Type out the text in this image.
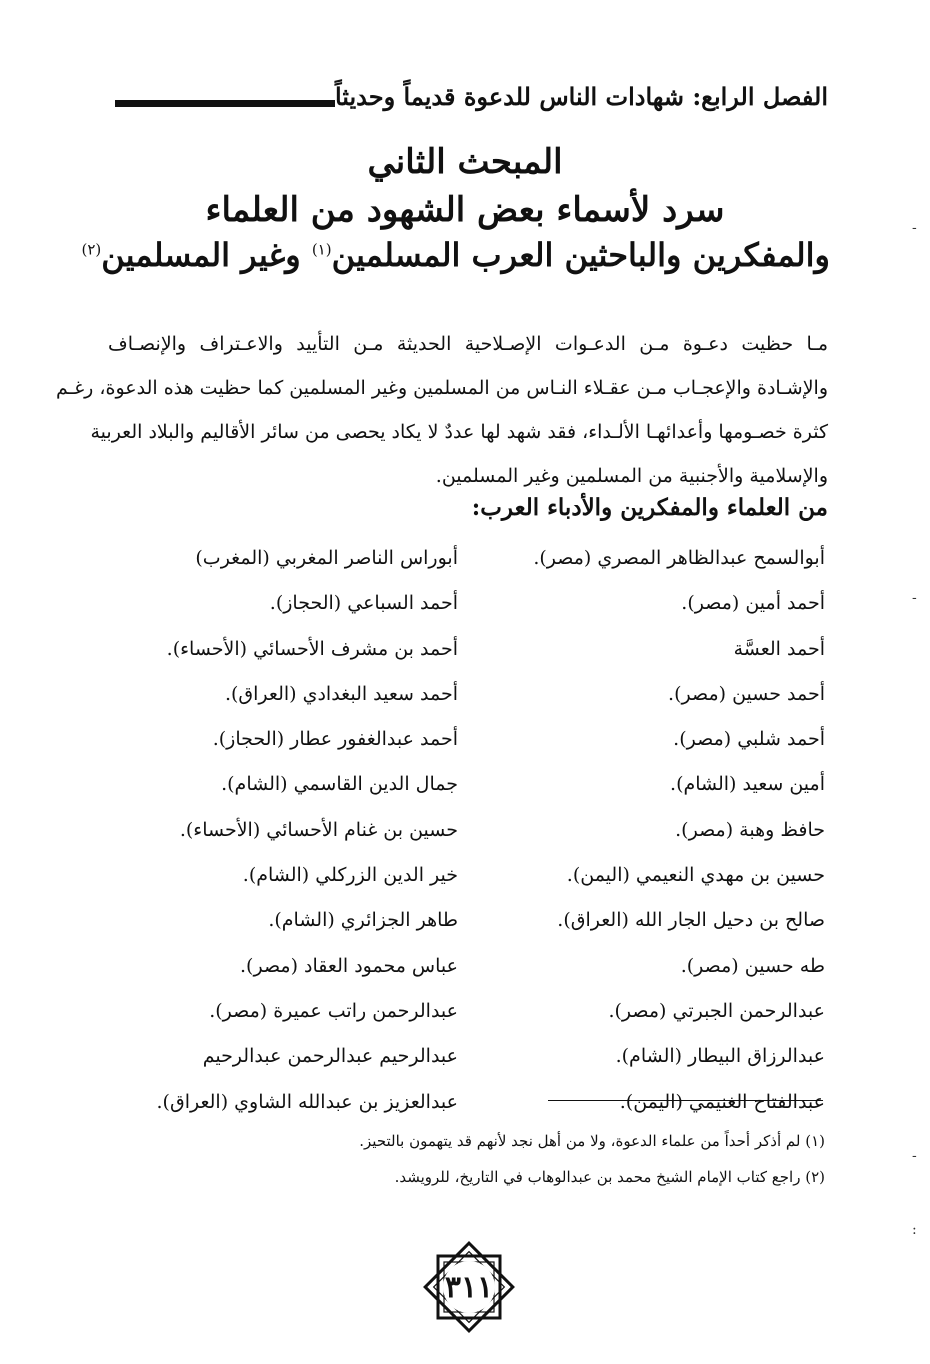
الفصل الرابع: شهادات الناس للدعوة قديماً وحديثاً
المبحث الثاني
سرد لأسماء بعض الشهود من العلماء
والمفكرين والباحثين العرب المسلمين$^{(١)}$ وغير المسلمين$^{(٢)}$
مـا حظيت دعـوة مـن الدعـوات الإصـلاحية الحديثة مـن التأييد والاعـتراف والإنصـاف
والإشـادة والإعجـاب مـن عقـلاء النـاس من المسلمين وغير المسلمين كما حظيت هذه الدعوة، رغـم
كثرة خصـومها وأعدائهـا الألـداء، فقد شهد لها عددٌ لا يكاد يحصى من سائر الأقاليم والبلاد العربية
والإسلامية والأجنبية من المسلمين وغير المسلمين.
من العلماء والمفكرين والأدباء العرب:
أبوالسمح عبدالظاهر المصري (مصر).
أحمد أمين (مصر).
أحمد العسَّة
أحمد حسين (مصر).
أحمد شلبي (مصر).
أمين سعيد (الشام).
حافظ وهبة (مصر).
حسين بن مهدي النعيمي (اليمن).
صالح بن دحيل الجار الله (العراق).
طه حسين (مصر).
عبدالرحمن الجبرتي (مصر).
عبدالرزاق البيطار (الشام).
عبدالفتاح الغنيمي (اليمن).
أبوراس الناصر المغربي (المغرب)
أحمد السباعي (الحجاز).
أحمد بن مشرف الأحسائي (الأحساء).
أحمد سعيد البغدادي (العراق).
أحمد عبدالغفور عطار (الحجاز).
جمال الدين القاسمي (الشام).
حسين بن غنام الأحسائي (الأحساء).
خير الدين الزركلي (الشام).
طاهر الجزائري (الشام).
عباس محمود العقاد (مصر).
عبدالرحمن راتب عميرة (مصر).
عبدالرحيم عبدالرحمن عبدالرحيم
عبدالعزيز بن عبدالله الشاوي (العراق).
(١) لم أذكر أحداً من علماء الدعوة، ولا من أهل نجد لأنهم قد يتهمون بالتحيز.
(٢) راجع كتاب الإمام الشيخ محمد بن عبدالوهاب في التاريخ، للرويشد.
٣١١
-
-
-
:
